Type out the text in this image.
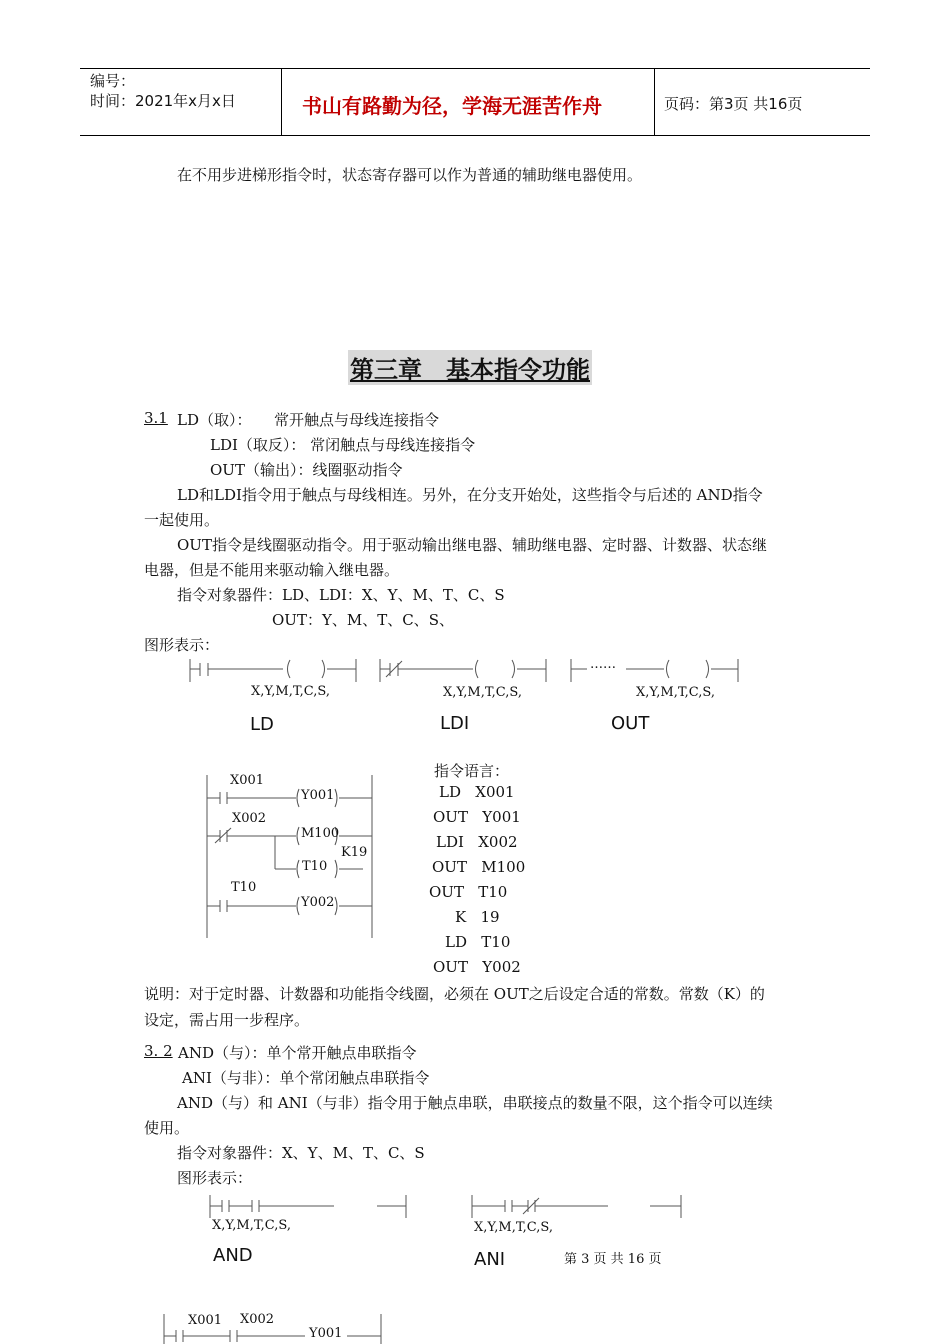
编号：
时间：2021年x月x日	书山有路勤为径，学海无涯苦作舟	页码：第3页 共16页
在不用步进梯形指令时，状态寄存器可以作为普通的辅助继电器使用。
第三章　基本指令功能
3.1 LD（取）：　　常开触点与母线连接指令
LDI（取反）： 常闭触点与母线连接指令
OUT（输出）：线圈驱动指令
LD和LDI指令用于触点与母线相连。另外，在分支开始处，这些指令与后述的 AND指令
一起使用。
OUT指令是线圈驱动指令。用于驱动输出继电器、辅助继电器、定时器、计数器、状态继
电器，但是不能用来驱动输入继电器。
指令对象器件：LD、LDI：X、Y、M、T、C、S
OUT：Y、M、T、C、S、
图形表示：
X,Y,M,T,C,S,	X,Y,M,T,C,S,	X,Y,M,T,C,S,
……
LD	LDI	OUT
X001
Y001
X002
M100
T10
K19
T10
Y002
指令语言：
LD   X001
OUT   Y001
LDI   X002
OUT   M100
OUT   T10
K   19
LD   T10
OUT   Y002
说明：对于定时器、计数器和功能指令线圈，必须在 OUT之后设定合适的常数。常数（K）的
设定，需占用一步程序。
3. 2 AND（与）：单个常开触点串联指令
ANI（与非）：单个常闭触点串联指令
AND（与）和 ANI（与非）指令用于触点串联，串联接点的数量不限，这个指令可以连续
使用。
指令对象器件：X、Y、M、T、C、S
图形表示：
X,Y,M,T,C,S,	X,Y,M,T,C,S,
AND	ANI
X001 X002
Y001
第 3 页 共 16 页
